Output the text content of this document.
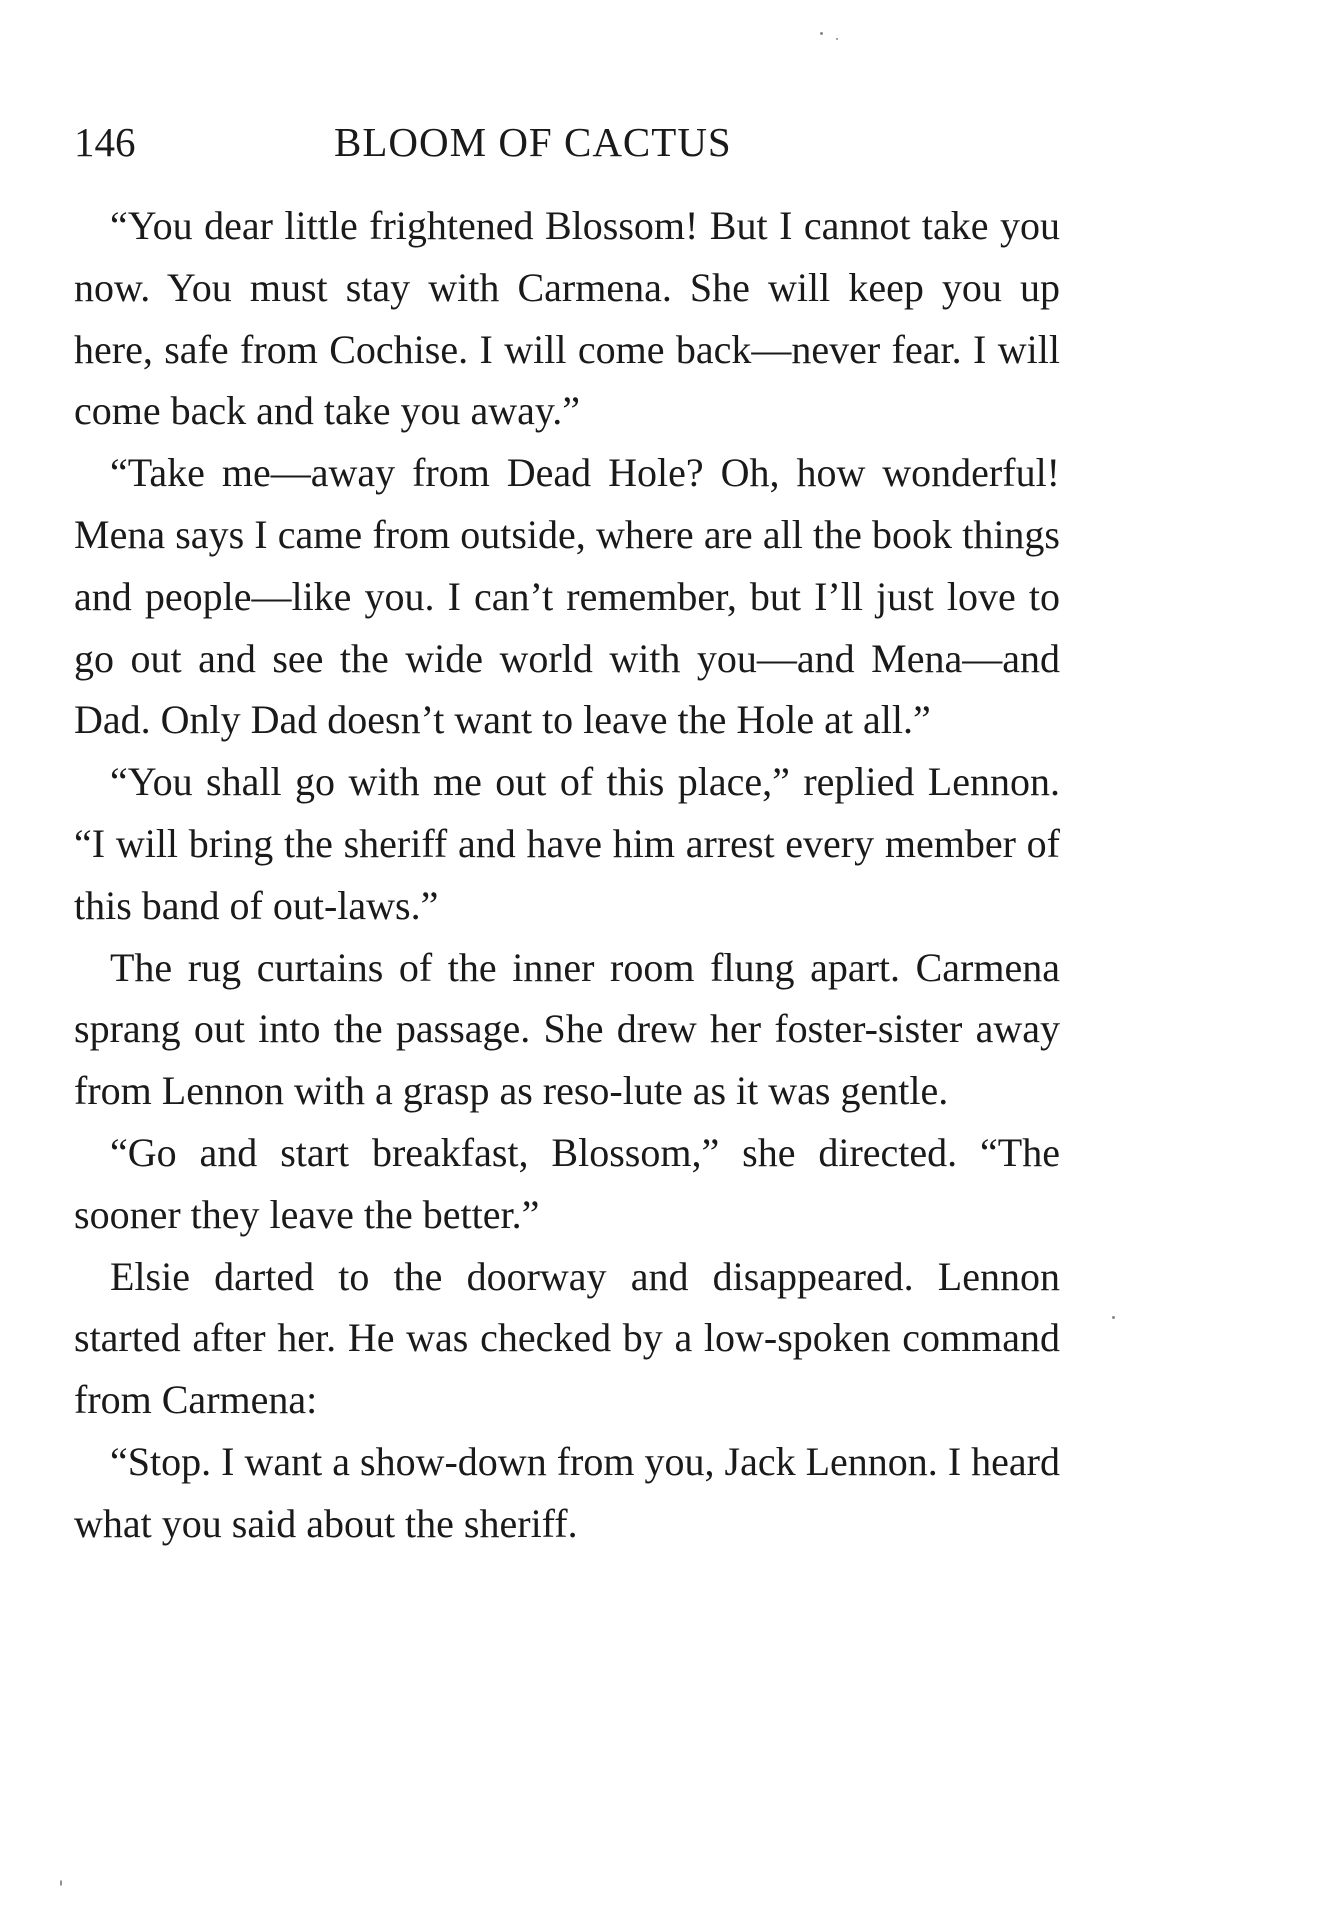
146	BLOOM OF CACTUS

“You dear little frightened Blossom! But I cannot take you now. You must stay with Carmena. She will keep you up here, safe from Cochise. I will come back—never fear. I will come back and take you away.”

“Take me—away from Dead Hole? Oh, how wonderful! Mena says I came from outside, where are all the book things and people—like you. I can’t remember, but I’ll just love to go out and see the wide world with you—and Mena—and Dad. Only Dad doesn’t want to leave the Hole at all.”

“You shall go with me out of this place,” replied Lennon. “I will bring the sheriff and have him arrest every member of this band of out-laws.”

The rug curtains of the inner room flung apart. Carmena sprang out into the passage. She drew her foster-sister away from Lennon with a grasp as reso-lute as it was gentle.

“Go and start breakfast, Blossom,” she directed. “The sooner they leave the better.”

Elsie darted to the doorway and disappeared. Lennon started after her. He was checked by a low-spoken command from Carmena:

“Stop. I want a show-down from you, Jack Lennon. I heard what you said about the sheriff.
